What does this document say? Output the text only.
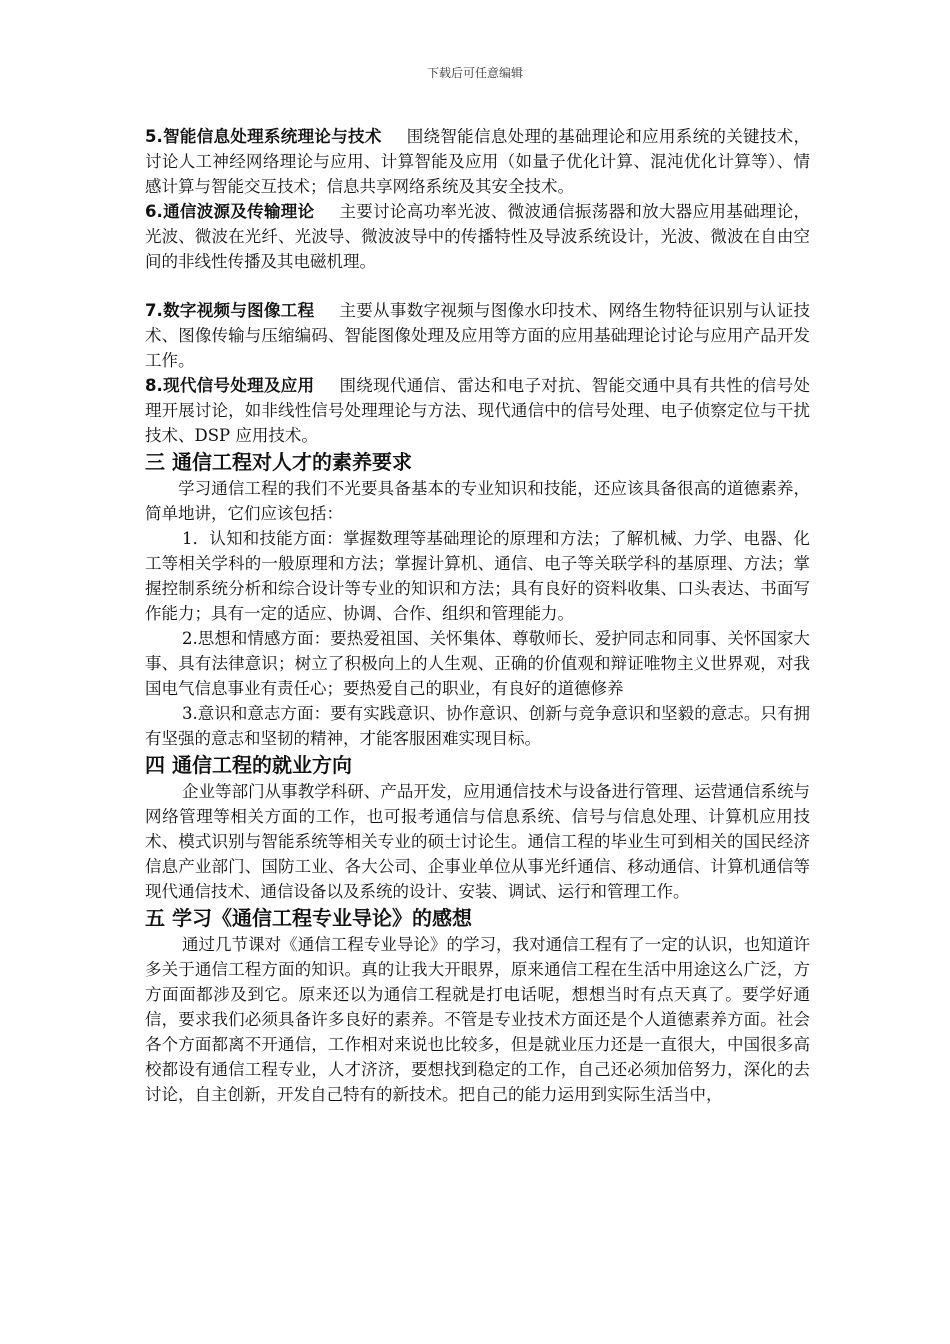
下载后可任意编辑

5.智能信息处理系统理论与技术   围绕智能信息处理的基础理论和应用系统的关键技术，讨论人工神经网络理论与应用、计算智能及应用（如量子优化计算、混沌优化计算等）、情感计算与智能交互技术；信息共享网络系统及其安全技术。

6.通信波源及传输理论   主要讨论高功率光波、微波通信振荡器和放大器应用基础理论，光波、微波在光纤、光波导、微波波导中的传播特性及导波系统设计，光波、微波在自由空间的非线性传播及其电磁机理。

7.数字视频与图像工程   主要从事数字视频与图像水印技术、网络生物特征识别与认证技术、图像传输与压缩编码、智能图像处理及应用等方面的应用基础理论讨论与应用产品开发工作。

8.现代信号处理及应用   围绕现代通信、雷达和电子对抗、智能交通中具有共性的信号处理开展讨论，如非线性信号处理理论与方法、现代通信中的信号处理、电子侦察定位与干扰技术、DSP 应用技术。

三 通信工程对人才的素养要求

学习通信工程的我们不光要具备基本的专业知识和技能，还应该具备很高的道德素养，简单地讲，它们应该包括：

1．认知和技能方面：掌握数理等基础理论的原理和方法；了解机械、力学、电器、化工等相关学科的一般原理和方法；掌握计算机、通信、电子等关联学科的基原理、方法；掌握控制系统分析和综合设计等专业的知识和方法；具有良好的资料收集、口头表达、书面写作能力；具有一定的适应、协调、合作、组织和管理能力。

2.思想和情感方面：要热爱祖国、关怀集体、尊敬师长、爱护同志和同事、关怀国家大事、具有法律意识；树立了积极向上的人生观、正确的价值观和辩证唯物主义世界观，对我国电气信息事业有责任心；要热爱自己的职业，有良好的道德修养

3.意识和意志方面：要有实践意识、协作意识、创新与竞争意识和坚毅的意志。只有拥有坚强的意志和坚韧的精神，才能客服困难实现目标。

四 通信工程的就业方向

企业等部门从事教学科研、产品开发，应用通信技术与设备进行管理、运营通信系统与网络管理等相关方面的工作，也可报考通信与信息系统、信号与信息处理、计算机应用技术、模式识别与智能系统等相关专业的硕士讨论生。通信工程的毕业生可到相关的国民经济信息产业部门、国防工业、各大公司、企事业单位从事光纤通信、移动通信、计算机通信等现代通信技术、通信设备以及系统的设计、安装、调试、运行和管理工作。

五 学习《通信工程专业导论》的感想

通过几节课对《通信工程专业导论》的学习，我对通信工程有了一定的认识，也知道许多关于通信工程方面的知识。真的让我大开眼界，原来通信工程在生活中用途这么广泛，方方面面都涉及到它。原来还以为通信工程就是打电话呢，想想当时有点天真了。要学好通信，要求我们必须具备许多良好的素养。不管是专业技术方面还是个人道德素养方面。社会各个方面都离不开通信，工作相对来说也比较多，但是就业压力还是一直很大，中国很多高校都设有通信工程专业，人才济济，要想找到稳定的工作，自己还必须加倍努力，深化的去讨论，自主创新，开发自己特有的新技术。把自己的能力运用到实际生活当中，
